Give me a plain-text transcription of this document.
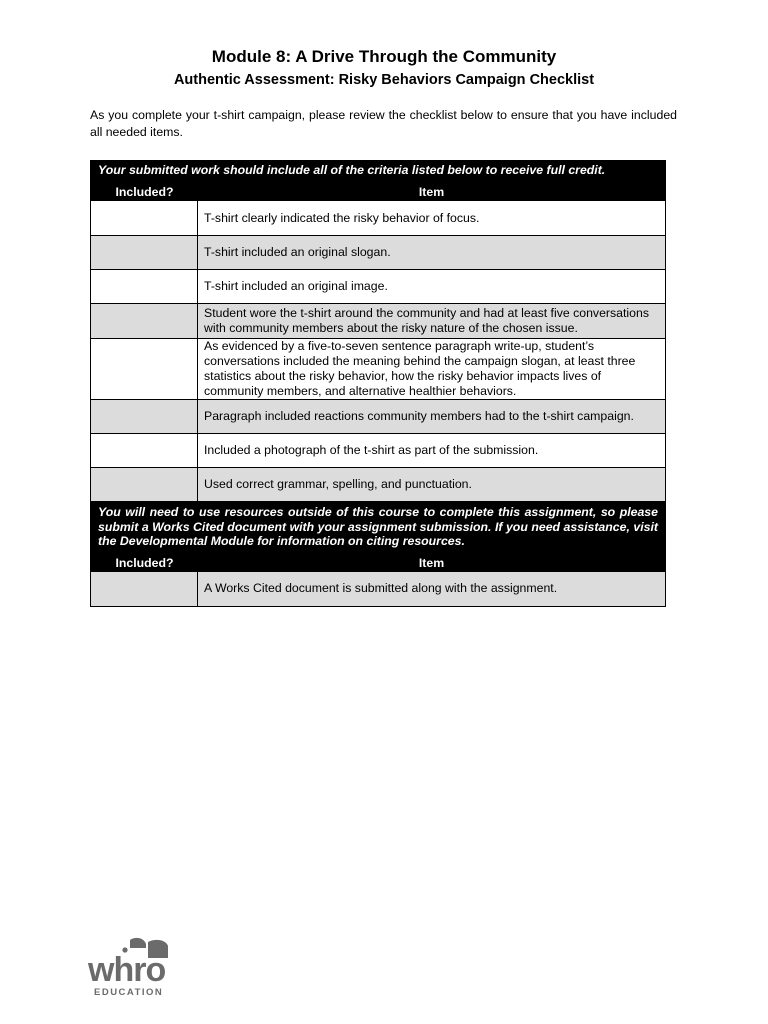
Module 8: A Drive Through the Community
Authentic Assessment: Risky Behaviors Campaign Checklist
As you complete your t-shirt campaign, please review the checklist below to ensure that you have included all needed items.
Your submitted work should include all of the criteria listed below to receive full credit.
Included?	Item
T-shirt clearly indicated the risky behavior of focus.
T-shirt included an original slogan.
T-shirt included an original image.
Student wore the t-shirt around the community and had at least five conversations with community members about the risky nature of the chosen issue.
As evidenced by a five-to-seven sentence paragraph write-up, student’s conversations included the meaning behind the campaign slogan, at least three statistics about the risky behavior, how the risky behavior impacts lives of community members, and alternative healthier behaviors.
Paragraph included reactions community members had to the t-shirt campaign.
Included a photograph of the t-shirt as part of the submission.
Used correct grammar, spelling, and punctuation.
You will need to use resources outside of this course to complete this assignment, so please submit a Works Cited document with your assignment submission. If you need assistance, visit the Developmental Module for information on citing resources.
Included?	Item
A Works Cited document is submitted along with the assignment.
whro
EDUCATION
